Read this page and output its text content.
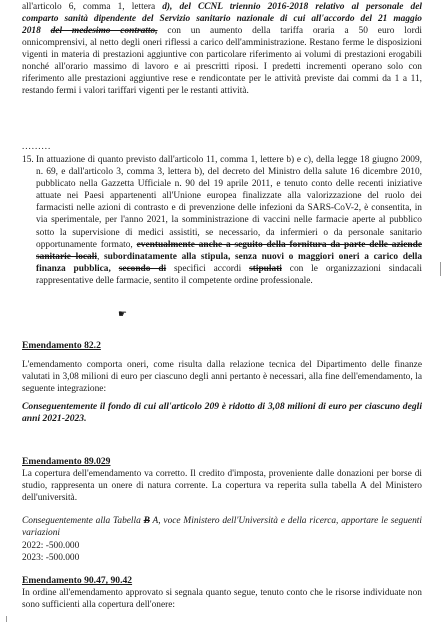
all'articolo 6, comma 1, lettera d), del CCNL triennio 2016-2018 relativo al personale del
comparto sanità dipendente del Servizio sanitario nazionale di cui all'accordo del 21 maggio
2018 del medesimo contratto, con un aumento della tariffa oraria a 50 euro lordi
onnicomprensivi, al netto degli oneri riflessi a carico dell'amministrazione. Restano ferme le disposizioni vigenti in materia di prestazioni aggiuntive con particolare riferimento ai volumi di prestazioni erogabili nonché all'orario massimo di lavoro e ai prescritti riposi. I predetti incrementi operano solo con riferimento alle prestazioni aggiuntive rese e rendicontate per le attività previste dai commi da 1 a 11, restando fermi i valori tariffari vigenti per le restanti attività.
.........
15. In attuazione di quanto previsto dall'articolo 11, comma 1, lettere b) e c), della legge 18 giugno 2009, n. 69, e dall'articolo 3, comma 3, lettera b), del decreto del Ministro della salute 16 dicembre 2010, pubblicato nella Gazzetta Ufficiale n. 90 del 19 aprile 2011, e tenuto conto delle recenti iniziative attuate nei Paesi appartenenti all'Unione europea finalizzate alla valorizzazione del ruolo dei farmacisti nelle azioni di contrasto e di prevenzione delle infezioni da SARS-CoV-2, è consentita, in via sperimentale, per l'anno 2021, la somministrazione di vaccini nelle farmacie aperte al pubblico sotto la supervisione di medici assistiti, se necessario, da infermieri o da personale sanitario opportunamente formato, eventualmente anche a seguito della fornitura da parte delle aziende sanitarie locali, subordinatamente alla stipula, senza nuovi o maggiori oneri a carico della finanza pubblica, secondo di specifici accordi stipulati con le organizzazioni sindacali rappresentative delle farmacie, sentito il competente ordine professionale.
☛
Emendamento 82.2
L'emendamento comporta oneri, come risulta dalla relazione tecnica del Dipartimento delle finanze valutati in 3,08 milioni di euro per ciascuno degli anni pertanto è necessari, alla fine dell'emendamento, la seguente integrazione:
Conseguentemente il fondo di cui all'articolo 209 è ridotto di 3,08 milioni di euro per ciascuno degli anni 2021-2023.
Emendamento 89.029
La copertura dell'emendamento va corretto. Il credito d'imposta, proveniente dalle donazioni per borse di studio, rappresenta un onere di natura corrente. La copertura va reperita sulla tabella A del Ministero dell'università.
Conseguentemente alla Tabella B A, voce Ministero dell'Università e della ricerca, apportare le seguenti variazioni
2022: -500.000
2023: -500.000
Emendamento 90.47, 90.42
In ordine all'emendamento approvato si segnala quanto segue, tenuto conto che le risorse individuate non sono sufficienti alla copertura dell'onere:
